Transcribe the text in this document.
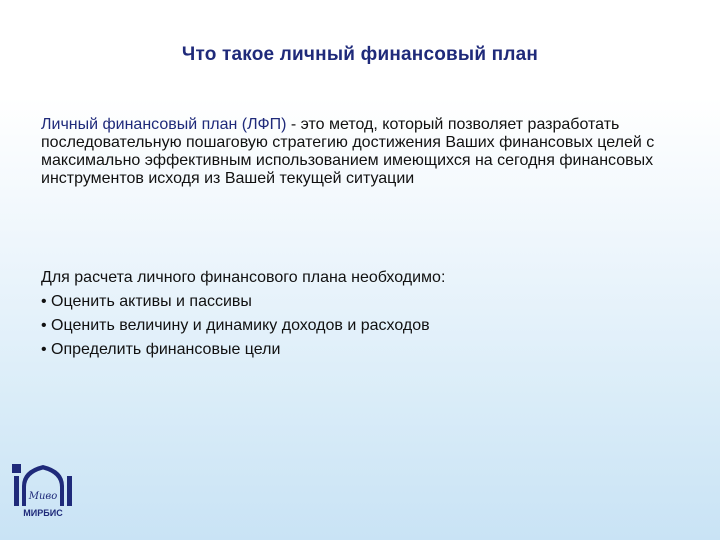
Что такое личный финансовый план
Личный финансовый план (ЛФП) - это метод, который позволяет разработать последовательную пошаговую стратегию достижения Ваших финансовых целей с максимально эффективным использованием имеющихся на сегодня финансовых инструментов исходя из Вашей текущей ситуации
Для расчета личного финансового плана необходимо:
• Оценить активы и пассивы
• Оценить величину и динамику доходов и расходов
• Определить финансовые цели
Миво
МИРБИС
